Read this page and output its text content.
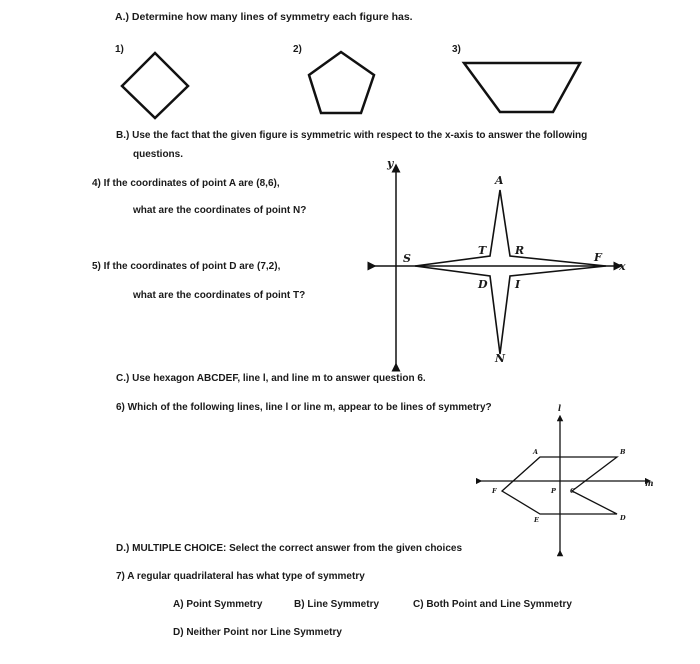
A.) Determine how many lines of symmetry each figure has.
1)	2)	3)
B.) Use the fact that the given figure is symmetric with respect to the x-axis to answer the following
questions.
4) If the coordinates of point A are (8,6),
what are the coordinates of point N?
5) If the coordinates of point D are (7,2),
what are the coordinates of point T?
y
x
A
N
S	F
T	R
D I
C.) Use hexagon ABCDEF, line l, and line m to answer question 6.
6) Which of the following lines, line l or line m, appear to be lines of symmetry?	l
m
A	B
C
D
E
F	P
D.) MULTIPLE CHOICE: Select the correct answer from the given choices
7) A regular quadrilateral has what type of symmetry
A) Point Symmetry	B) Line Symmetry	C) Both Point and Line Symmetry
D) Neither Point nor Line Symmetry
